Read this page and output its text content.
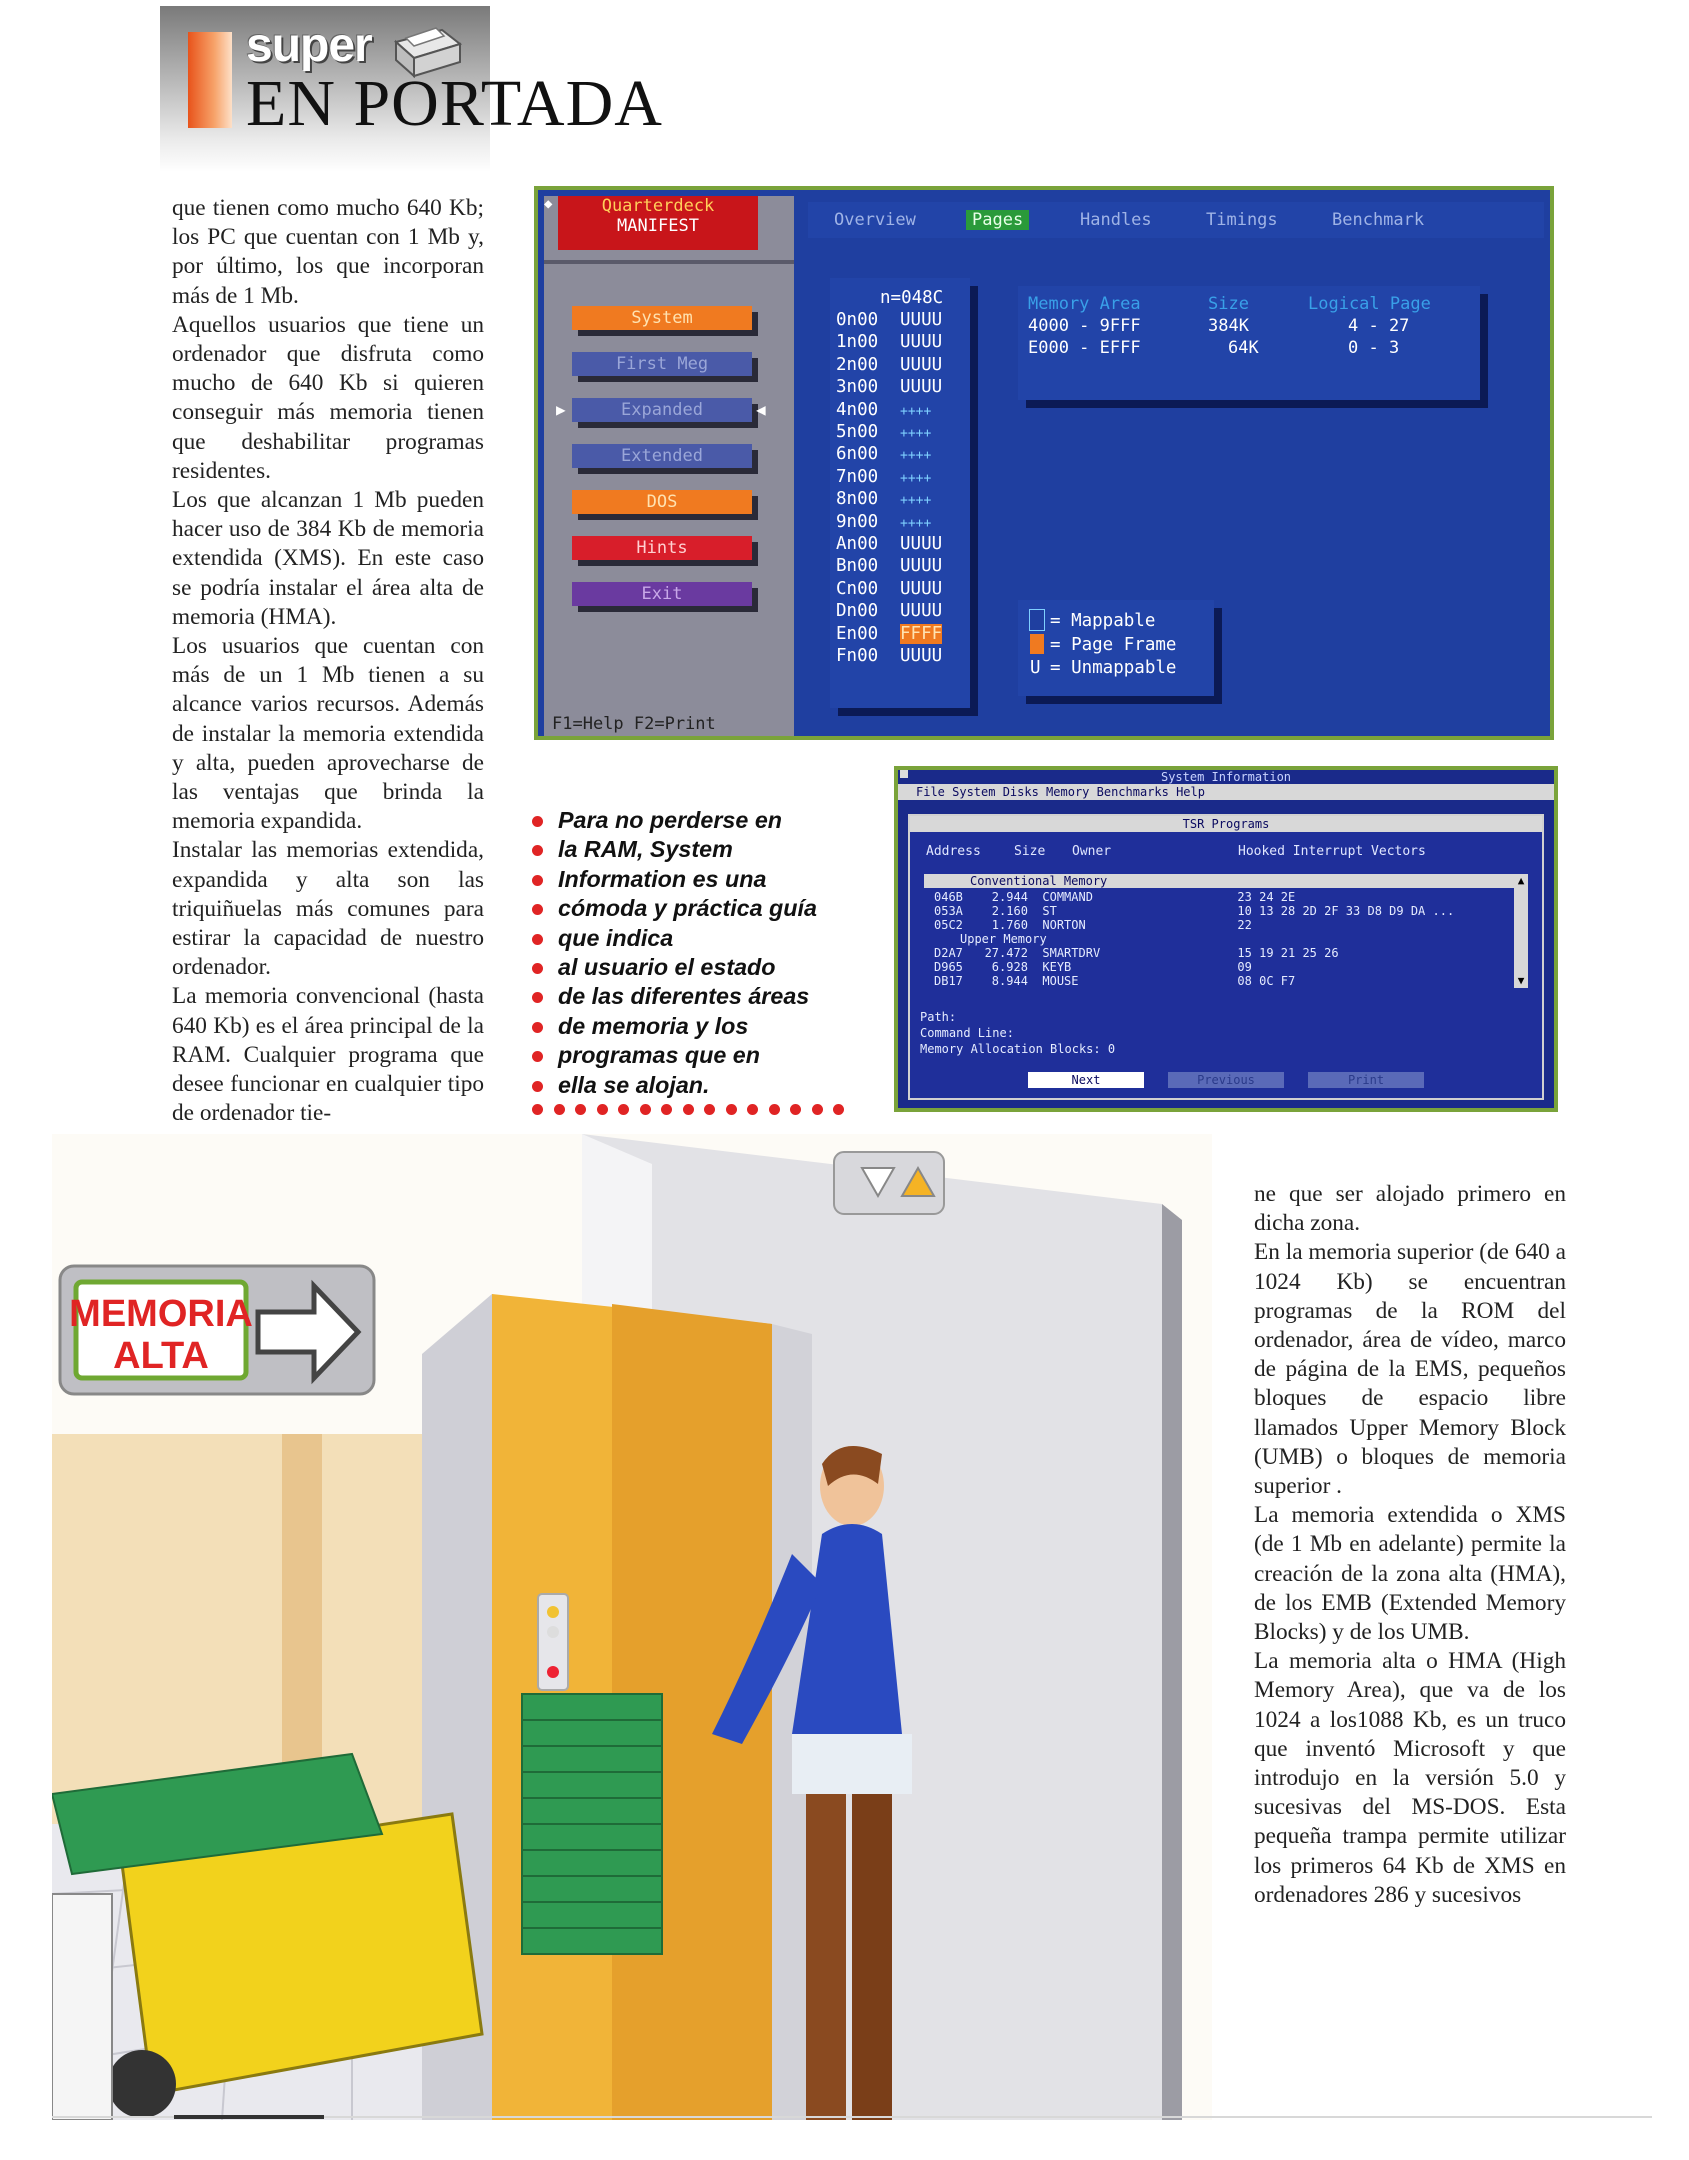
super
EN PORTADA

que tienen como mucho 640 Kb; los PC que cuentan con 1 Mb y, por último, los que incorporan más de 1 Mb.

Aquellos usuarios que tiene un ordenador que disfruta como mucho de 640 Kb si quieren conseguir más memoria tienen que deshabilitar programas residentes.

Los que alcanzan 1 Mb pueden hacer uso de 384 Kb de memoria extendida (XMS). En este caso se podría instalar el área alta de memoria (HMA).

Los usuarios que cuentan con más de un 1 Mb tienen a su alcance varios recursos. Además de instalar la memoria extendida y alta, pueden aprovecharse de las ventajas que brinda la memoria expandida.

Instalar las memorias extendida, expandida y alta son las triquiñuelas más comunes para estirar la capacidad de nuestro ordenador.

La memoria convencional (hasta 640 Kb) es el área principal de la RAM. Cualquier programa que desee funcionar en cualquier tipo de ordenador tie-

◆	Quarterdeck
MANIFEST
System
First Meg
Expanded
Extended
DOS
Hints
Exit
▶	◀
F1=Help F2=Print
Overview	Pages	Handles	Timings	Benchmark
n=048C
0n00 UUUU
1n00 UUUU
2n00 UUUU
3n00 UUUU
4n00 ++++
5n00 ++++
6n00 ++++
7n00 ++++
8n00 ++++
9n00 ++++
An00 UUUU
Bn00 UUUU
Cn00 UUUU
Dn00 UUUU
En00 FFFF
Fn00 UUUU
Memory Area	Size	Logical Page
4000 - 9FFF	384K	4 - 27
E000 - EFFF	64K	0 - 3
= Mappable
= Page Frame
U = Unmappable
Para no perderse en
la RAM, System
Information es una
cómoda y práctica guía
que indica
al usuario el estado
de las diferentes áreas
de memoria y los
programas que en
ella se alojan.
System Information
File System Disks Memory Benchmarks Help
TSR Programs
Address	Size Owner	Hooked Interrupt Vectors
Conventional Memory
046B    2.944  COMMAND                    23 24 2E
053A    2.160  ST                         10 13 28 2D 2F 33 D8 D9 DA ...
05C2    1.760  NORTON                     22
Upper Memory
D2A7   27.472  SMARTDRV                   15 19 21 25 26
D965    6.928  KEYB                       09
DB17    8.944  MOUSE                      08 0C F7
▲
▼
Path:
Command Line:
Memory Allocation Blocks: 0
Next	Previous	Print
MEMORIA
ALTA

ne que ser alojado primero en dicha zona.

En la memoria superior (de 640 a 1024 Kb) se encuentran programas de la ROM del ordenador, área de vídeo, marco de página de la EMS, pequeños bloques de espacio libre llamados Upper Memory Block (UMB) o bloques de memoria superior .

La memoria extendida o XMS (de 1 Mb en adelante) permite la creación de la zona alta (HMA), de los EMB (Extended Memory Blocks) y de los UMB.

La memoria alta o HMA (High Memory Area), que va de los 1024 a los1088 Kb, es un truco que inventó Microsoft y que introdujo en la versión 5.0 y sucesivas del MS-DOS. Esta pequeña trampa permite utilizar los primeros 64 Kb de XMS en ordenadores 286 y sucesivos
